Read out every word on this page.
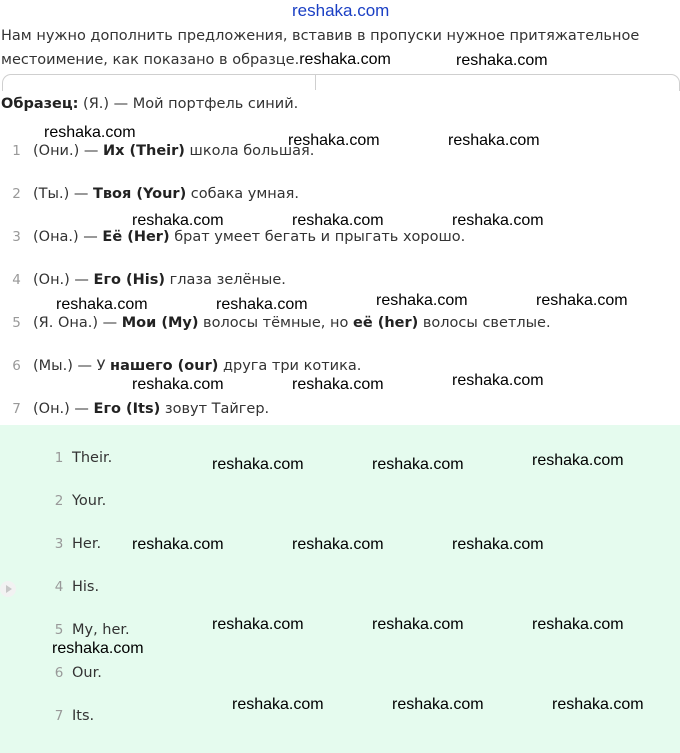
reshaka.com
Нам нужно дополнить предложения, вставив в пропуски нужное притяжательное местоимение, как показано в образце.reshaka.com	reshaka.com
Образец: (Я.) — Мой портфель синий.
1 (Они.) — Их (Their) школа большая.
2 (Ты.) — Твоя (Your) собака умная.
3 (Она.) — Её (Her) брат умеет бегать и прыгать хорошо.
4 (Он.) — Его (His) глаза зелёные.
5 (Я. Она.) — Мои (My) волосы тёмные, но её (her) волосы светлые.
6 (Мы.) — У нашего (our) друга три котика.
7 (Он.) — Его (Its) зовут Тайгер.
1 Their.
2 Your.
3 Her.
4 His.
5 My, her.
6 Our.
7 Its.
reshaka.com	reshaka.com	reshaka.com
reshaka.com	reshaka.com	reshaka.com
reshaka.com	reshaka.com	reshaka.com	reshaka.com
reshaka.com	reshaka.com	reshaka.com
reshaka.com	reshaka.com	reshaka.com
reshaka.com	reshaka.com	reshaka.com
reshaka.com	reshaka.com	reshaka.com
reshaka.com
reshaka.com	reshaka.com	reshaka.com
